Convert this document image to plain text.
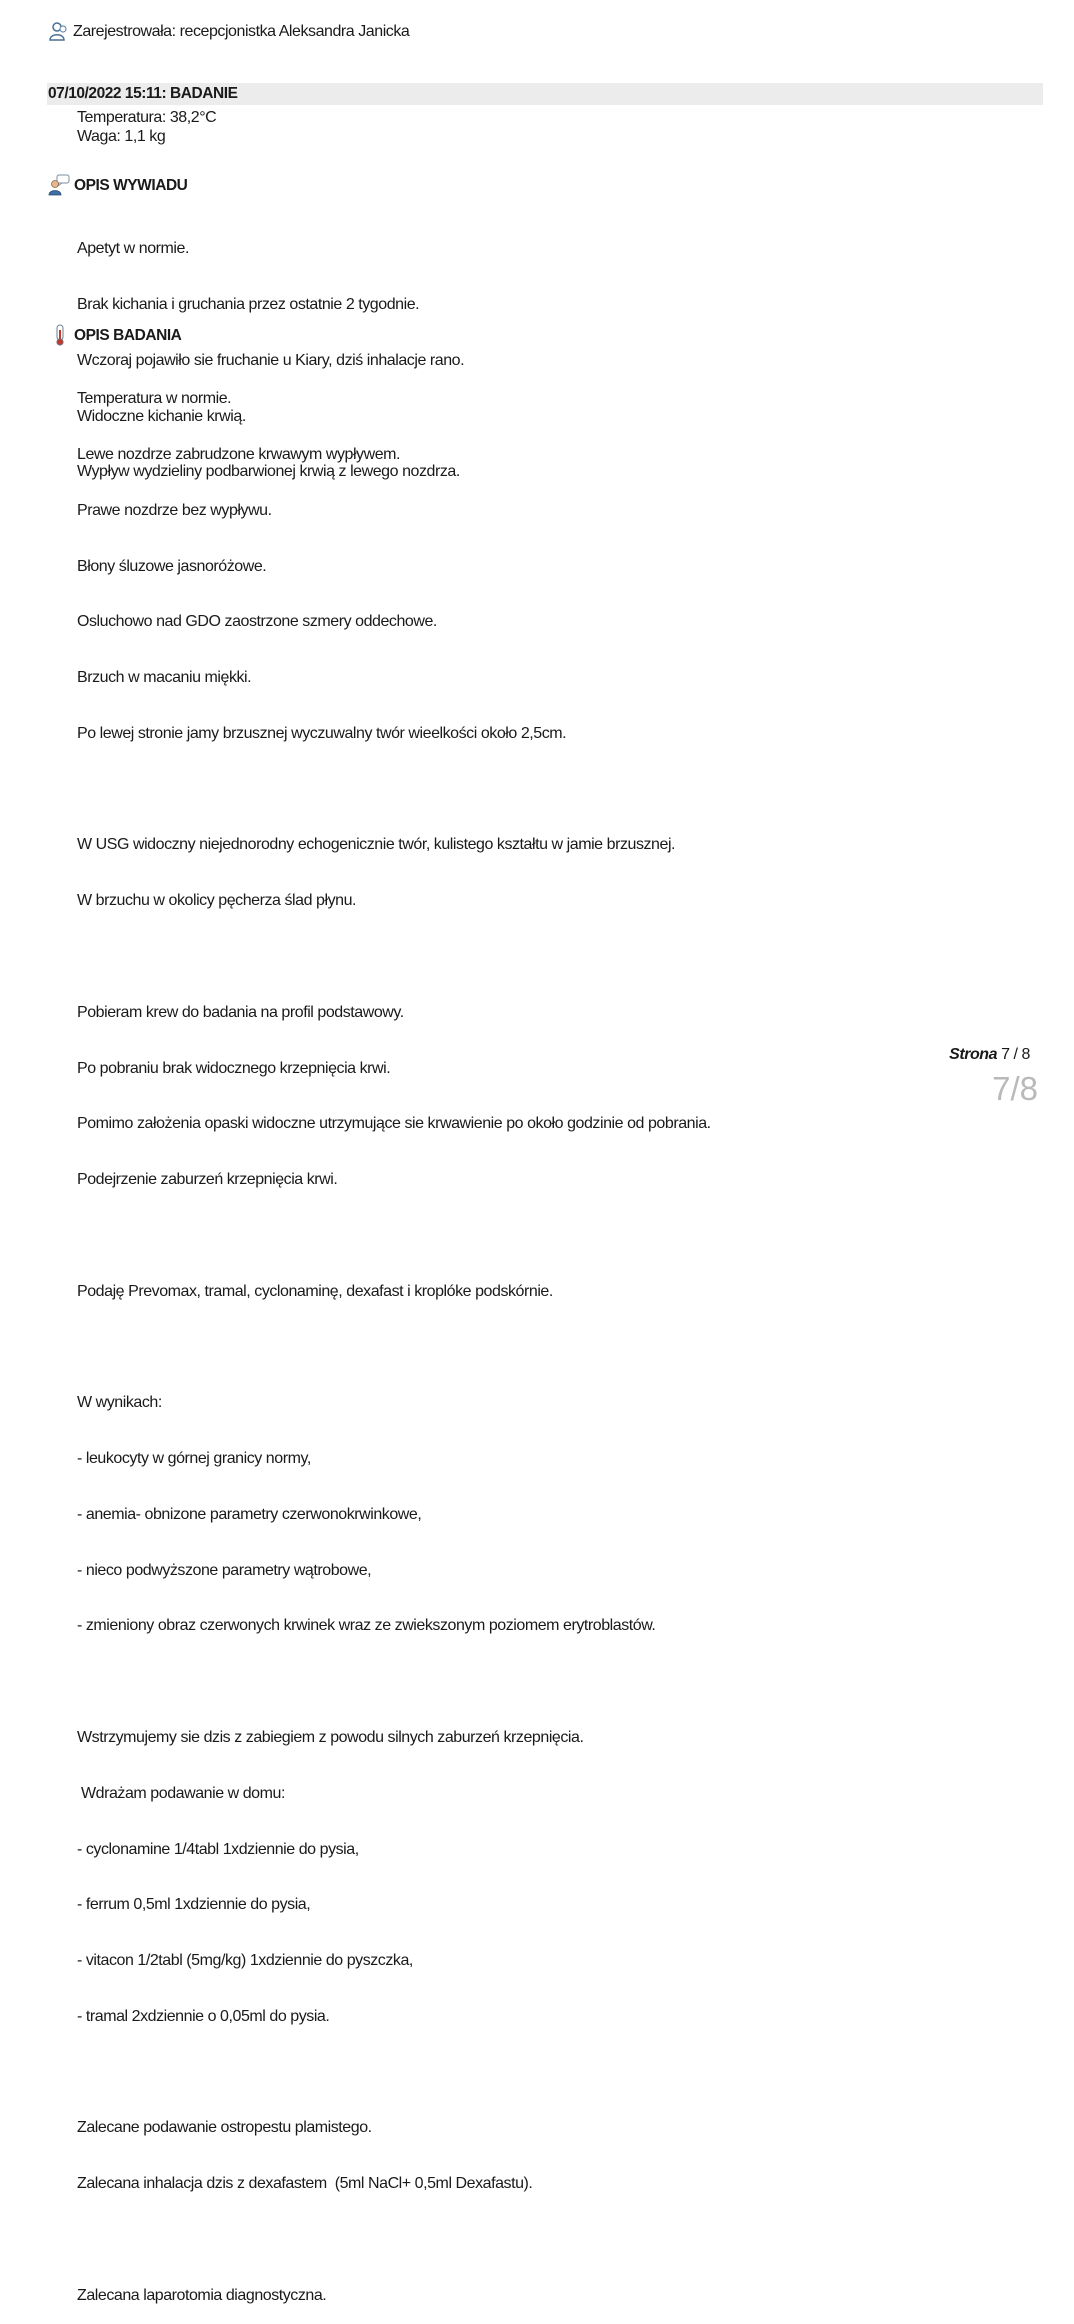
Zarejestrowała: recepcjonistka Aleksandra Janicka
07/10/2022 15:11: BADANIE
Temperatura: 38,2°C
Waga: 1,1 kg
OPIS WYWIADU

Apetyt w normie.

Brak kichania i gruchania przez ostatnie 2 tygodnie.

Wczoraj pojawiło sie fruchanie u Kiary, dziś inhalacje rano.

Widoczne kichanie krwią.

Wypływ wydzieliny podbarwionej krwią z lewego nozdrza.

OPIS BADANIA

Temperatura w normie.

Lewe nozdrze zabrudzone krwawym wypływem.

Prawe nozdrze bez wypływu.

Błony śluzowe jasnoróżowe.

Osluchowo nad GDO zaostrzone szmery oddechowe.

Brzuch w macaniu miękki.

Po lewej stronie jamy brzusznej wyczuwalny twór wieelkości około 2,5cm.

W USG widoczny niejednorodny echogenicznie twór, kulistego kształtu w jamie brzusznej.

W brzuchu w okolicy pęcherza ślad płynu.

Pobieram krew do badania na profil podstawowy.

Po pobraniu brak widocznego krzepnięcia krwi.

Pomimo założenia opaski widoczne utrzymujące sie krwawienie po około godzinie od pobrania.

Podejrzenie zaburzeń krzepnięcia krwi.

Podaję Prevomax, tramal, cyclonaminę, dexafast i kroplóke podskórnie.

W wynikach:

- leukocyty w górnej granicy normy,

- anemia- obnizone parametry czerwonokrwinkowe,

- nieco podwyższone parametry wątrobowe,

- zmieniony obraz czerwonych krwinek wraz ze zwiekszonym poziomem erytroblastów.

Wstrzymujemy sie dzis z zabiegiem z powodu silnych zaburzeń krzepnięcia.

Wdrażam podawanie w domu:

- cyclonamine 1/4tabl 1xdziennie do pysia,

- ferrum 0,5ml 1xdziennie do pysia,

- vitacon 1/2tabl (5mg/kg) 1xdziennie do pyszczka,

- tramal 2xdziennie o 0,05ml do pysia.

Zalecane podawanie ostropestu plamistego.

Zalecana inhalacja dzis z dexafastem  (5ml NaCl+ 0,5ml Dexafastu).

Zalecana laparotomia diagnostyczna.

Strona 7 / 8
7/8
